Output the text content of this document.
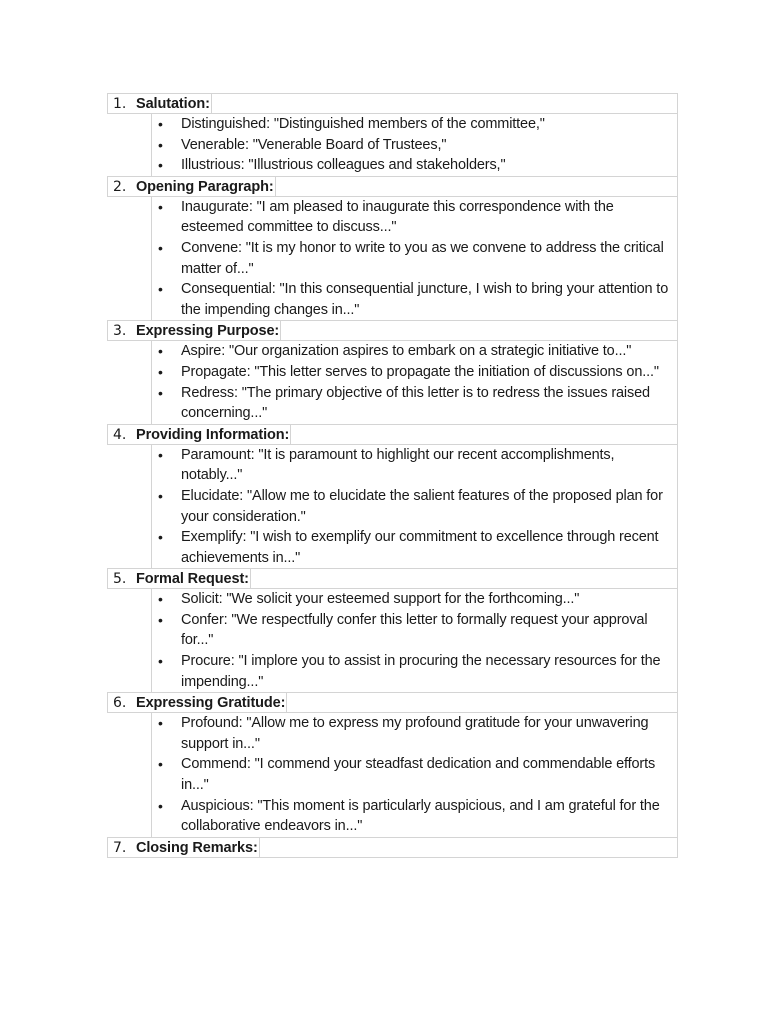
1. Salutation:
•	Distinguished: "Distinguished members of the committee,"
•	Venerable: "Venerable Board of Trustees,"
•	Illustrious: "Illustrious colleagues and stakeholders,"
2. Opening Paragraph:
•	Inaugurate: "I am pleased to inaugurate this correspondence with the esteemed committee to discuss..."
•	Convene: "It is my honor to write to you as we convene to address the critical matter of..."
•	Consequential: "In this consequential juncture, I wish to bring your attention to the impending changes in..."
3. Expressing Purpose:
•	Aspire: "Our organization aspires to embark on a strategic initiative to..."
•	Propagate: "This letter serves to propagate the initiation of discussions on..."
•	Redress: "The primary objective of this letter is to redress the issues raised concerning..."
4. Providing Information:
•	Paramount: "It is paramount to highlight our recent accomplishments, notably..."
•	Elucidate: "Allow me to elucidate the salient features of the proposed plan for your consideration."
•	Exemplify: "I wish to exemplify our commitment to excellence through recent achievements in..."
5. Formal Request:
•	Solicit: "We solicit your esteemed support for the forthcoming..."
•	Confer: "We respectfully confer this letter to formally request your approval for..."
•	Procure: "I implore you to assist in procuring the necessary resources for the impending..."
6. Expressing Gratitude:
•	Profound: "Allow me to express my profound gratitude for your unwavering support in..."
•	Commend: "I commend your steadfast dedication and commendable efforts in..."
•	Auspicious: "This moment is particularly auspicious, and I am grateful for the collaborative endeavors in..."
7. Closing Remarks:
